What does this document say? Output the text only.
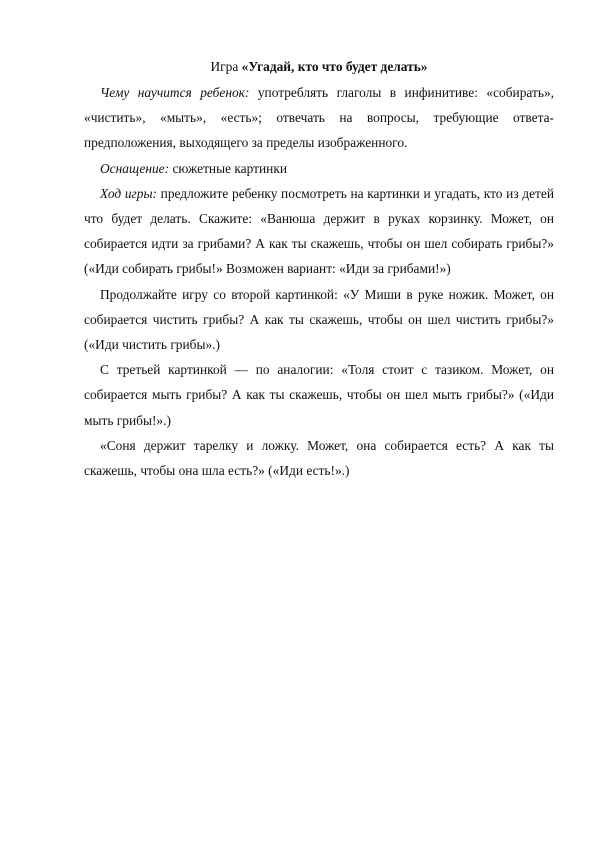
Игра «Угадай, кто что будет делать»

Чему научится ребенок: употреблять глаголы в инфинитиве: «собирать», «чистить», «мыть», «есть»; отвечать на вопросы, требующие ответа-предположения, выходящего за пределы изображенного.

Оснащение: сюжетные картинки

Ход игры: предложите ребенку посмотреть на картинки и угадать, кто из детей что будет делать. Скажите: «Ванюша держит в руках корзинку. Может, он собирается идти за грибами? А как ты скажешь, чтобы он шел собирать грибы?» («Иди собирать грибы!» Возможен вариант: «Иди за грибами!»)

Продолжайте игру со второй картинкой: «У Миши в руке ножик. Может, он собирается чистить грибы? А как ты скажешь, чтобы он шел чистить грибы?» («Иди чистить грибы».)

С третьей картинкой — по аналогии: «Толя стоит с тазиком. Может, он собирается мыть грибы? А как ты скажешь, чтобы он шел мыть грибы?» («Иди мыть грибы!».)

«Соня держит тарелку и ложку. Может, она собирается есть? А как ты скажешь, чтобы она шла есть?» («Иди есть!».)
